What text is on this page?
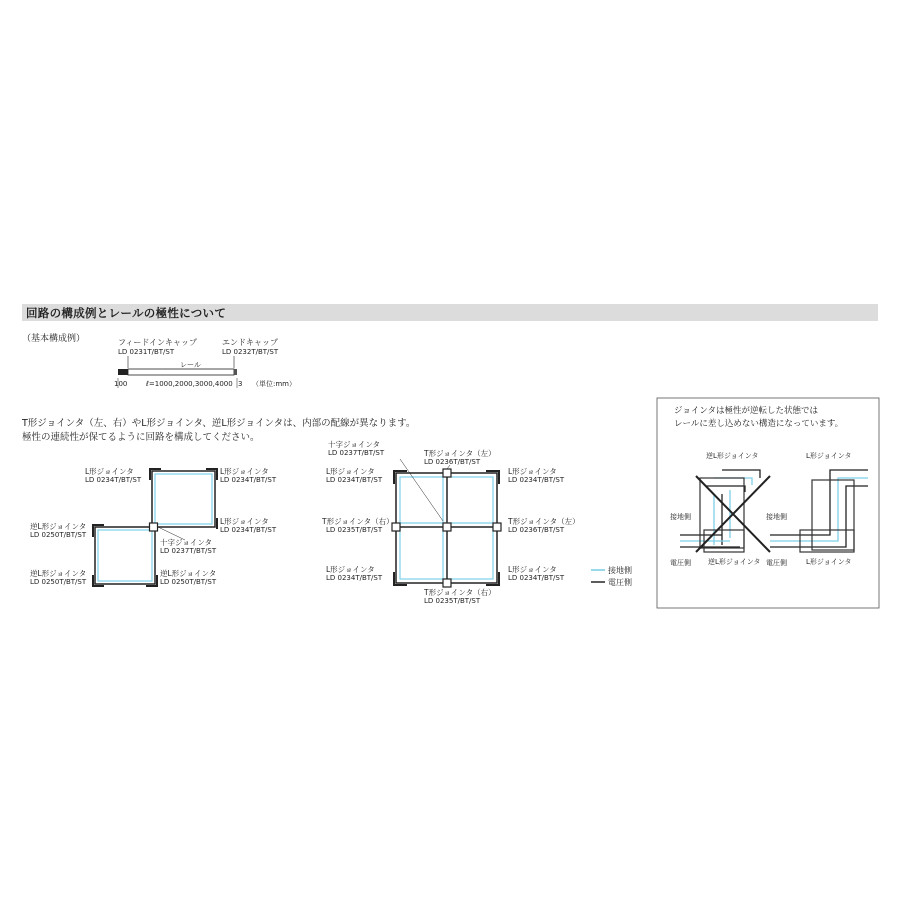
回路の構成例とレールの極性について
（基本構成例）	フィードインキャップ
LD 0231T/BT/ST
エンドキャップ
LD 0232T/BT/ST
レール
100	ℓ=1000,2000,3000,4000 3 （単位:mm）
T形ジョインタ（左、右）やL形ジョインタ、逆L形ジョインタは、内部の配線が異なります。
極性の連続性が保てるように回路を構成してください。
L形ジョインタ
LD 0234T/BT/ST
L形ジョインタ
LD 0234T/BT/ST
L形ジョインタ
LD 0234T/BT/ST
逆L形ジョインタ
LD 0250T/BT/ST
十字ジョインタ
LD 0237T/BT/ST
逆L形ジョインタ
LD 0250T/BT/ST
逆L形ジョインタ
LD 0250T/BT/ST
十字ジョインタ
LD 0237T/BT/ST	T形ジョインタ（左）
LD 0236T/BT/ST
L形ジョインタ
LD 0234T/BT/ST
L形ジョインタ
LD 0234T/BT/ST
T形ジョインタ（右）
LD 0235T/BT/ST
T形ジョインタ（左）
LD 0236T/BT/ST
L形ジョインタ
LD 0234T/BT/ST
L形ジョインタ
LD 0234T/BT/ST
T形ジョインタ（右）
LD 0235T/BT/ST
接地側
電圧側
ジョインタは極性が逆転した状態では
レールに差し込めない構造になっています。
逆L形ジョインタ
接地側
電圧側 逆L形ジョインタ
L形ジョインタ
接地側
電圧側	L形ジョインタ
